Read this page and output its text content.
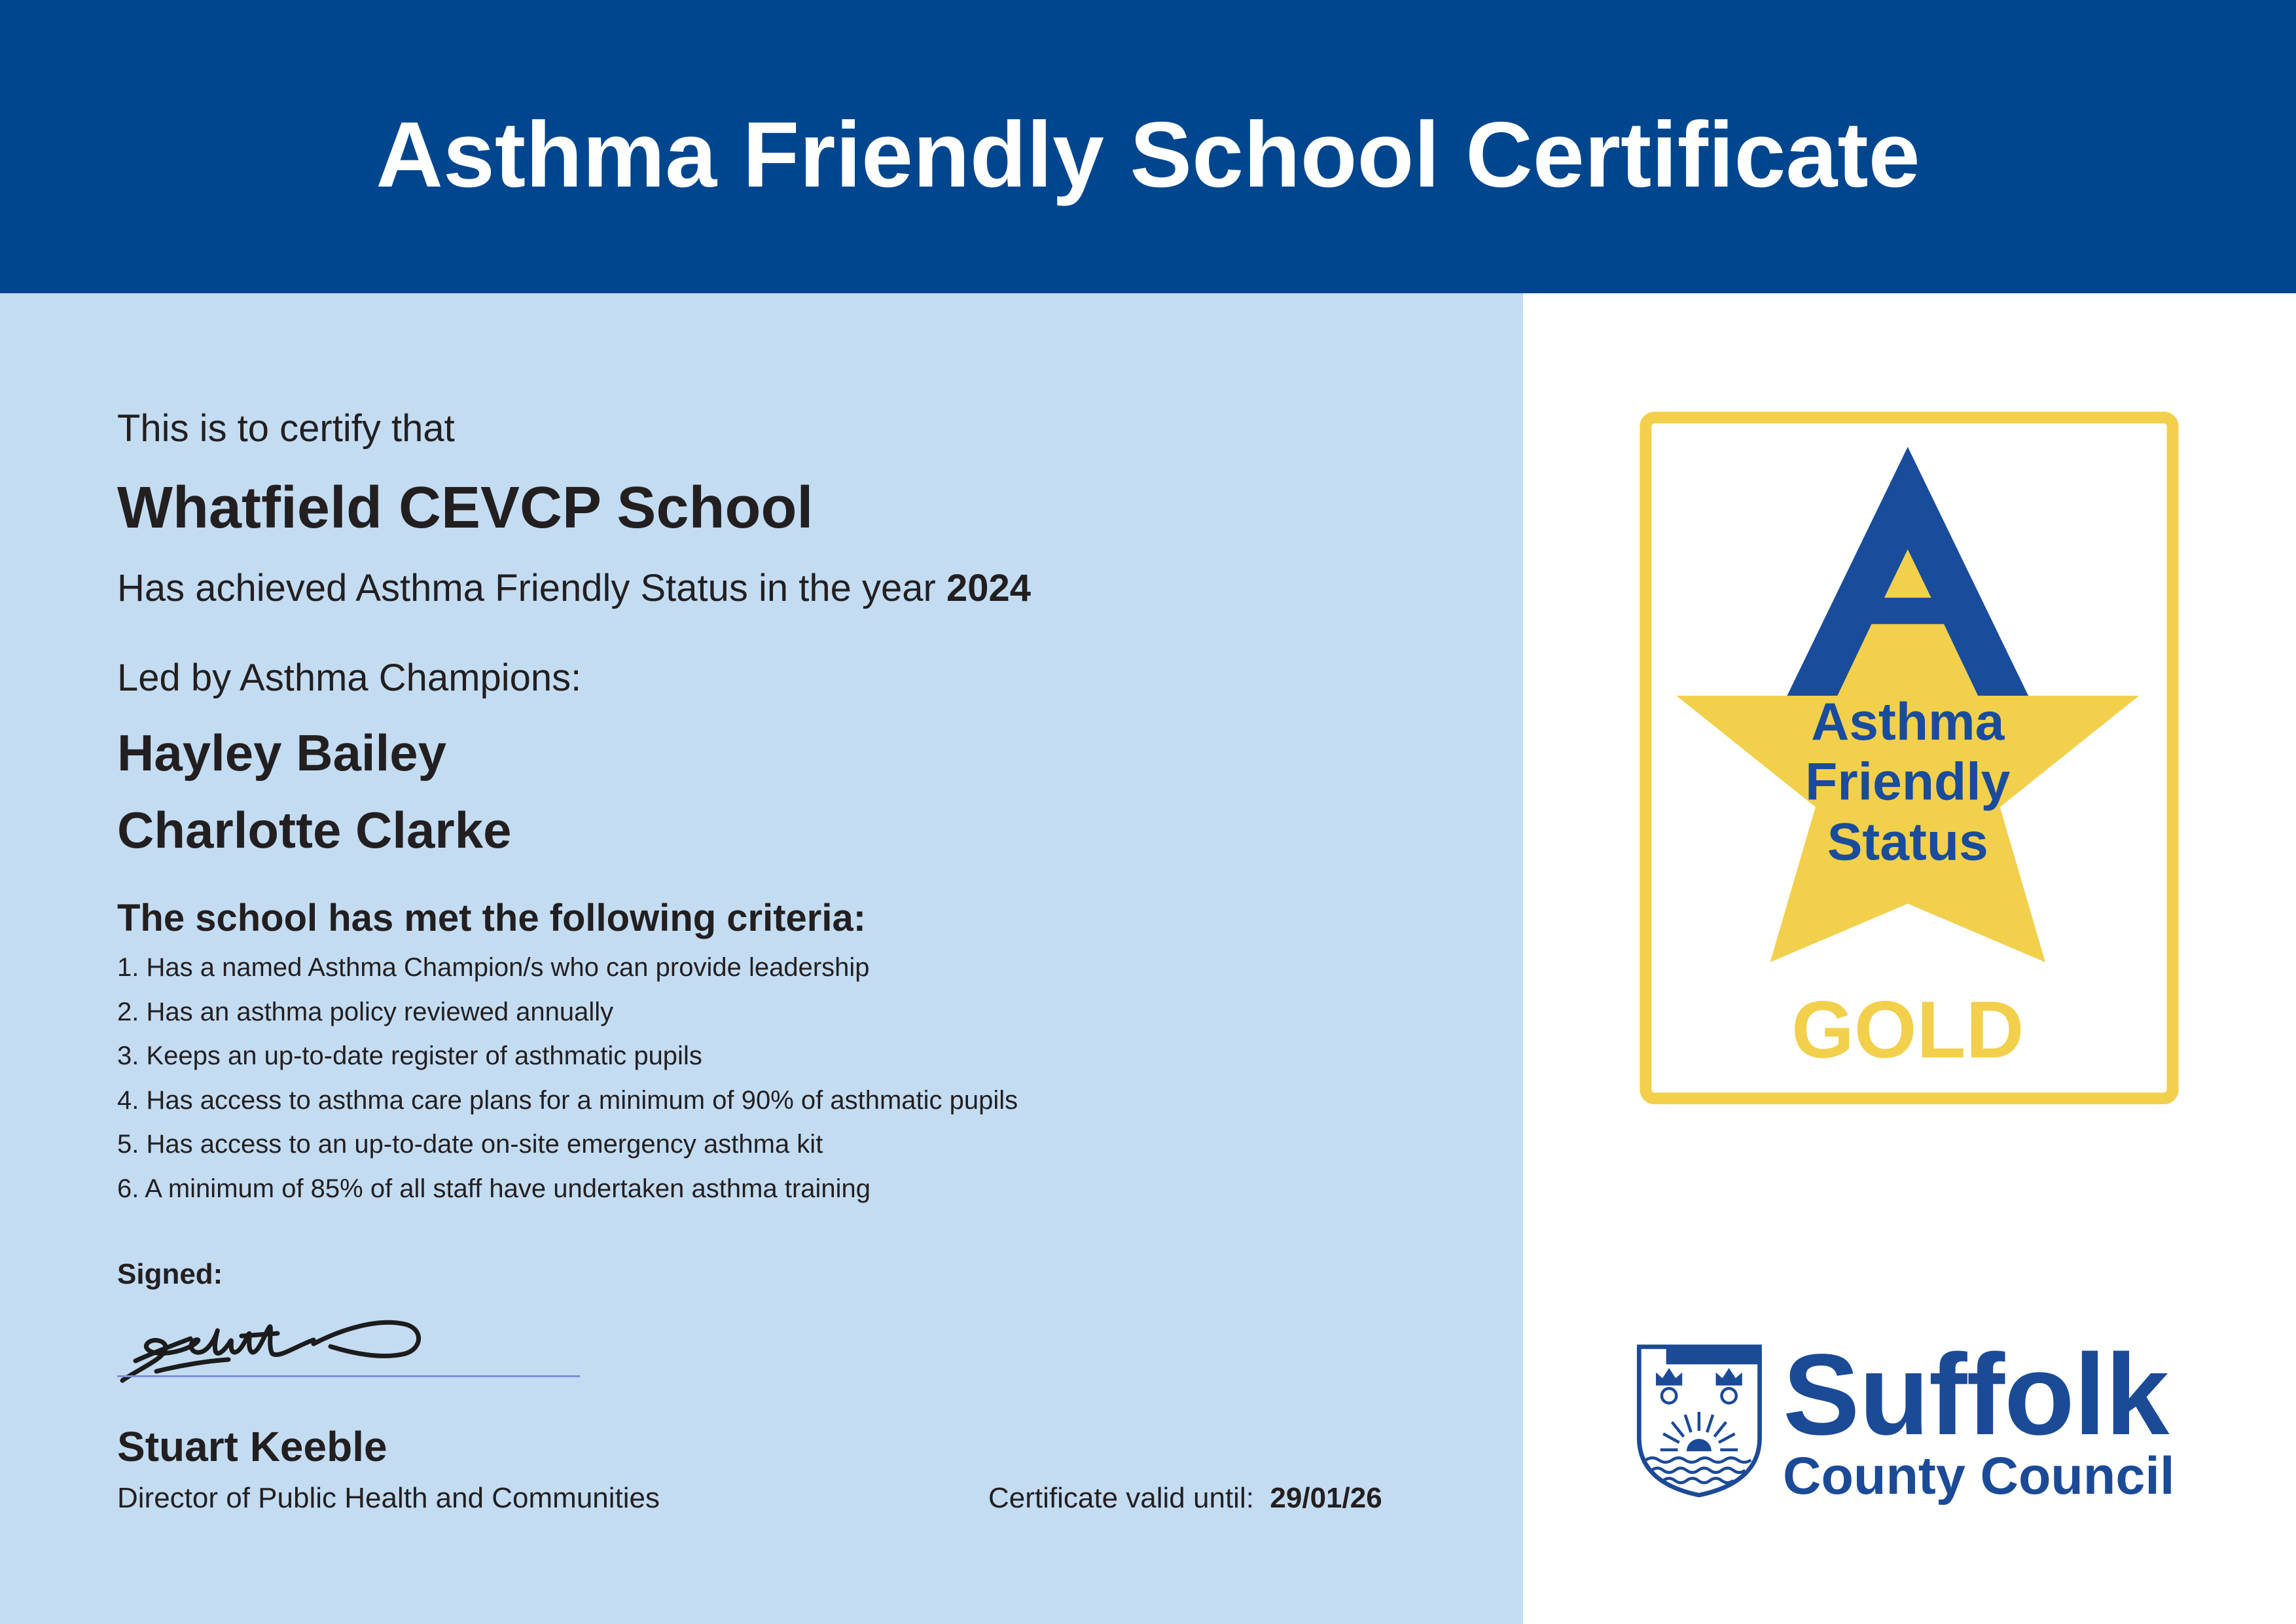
Asthma Friendly School Certificate
This is to certify that
Whatfield CEVCP School
Has achieved Asthma Friendly Status in the year 2024
Led by Asthma Champions:
Hayley Bailey
Charlotte Clarke
The school has met the following criteria:
1. Has a named Asthma Champion/s who can provide leadership
2. Has an asthma policy reviewed annually
3. Keeps an up-to-date register of asthmatic pupils
4. Has access to asthma care plans for a minimum of 90% of asthmatic pupils
5. Has access to an up-to-date on-site emergency asthma kit
6. A minimum of 85% of all staff have undertaken asthma training
Signed:
Stuart Keeble
Director of Public Health and Communities	Certificate valid until: 29/01/26
Asthma
Friendly
Status
GOLD
Suffolk
County Council
